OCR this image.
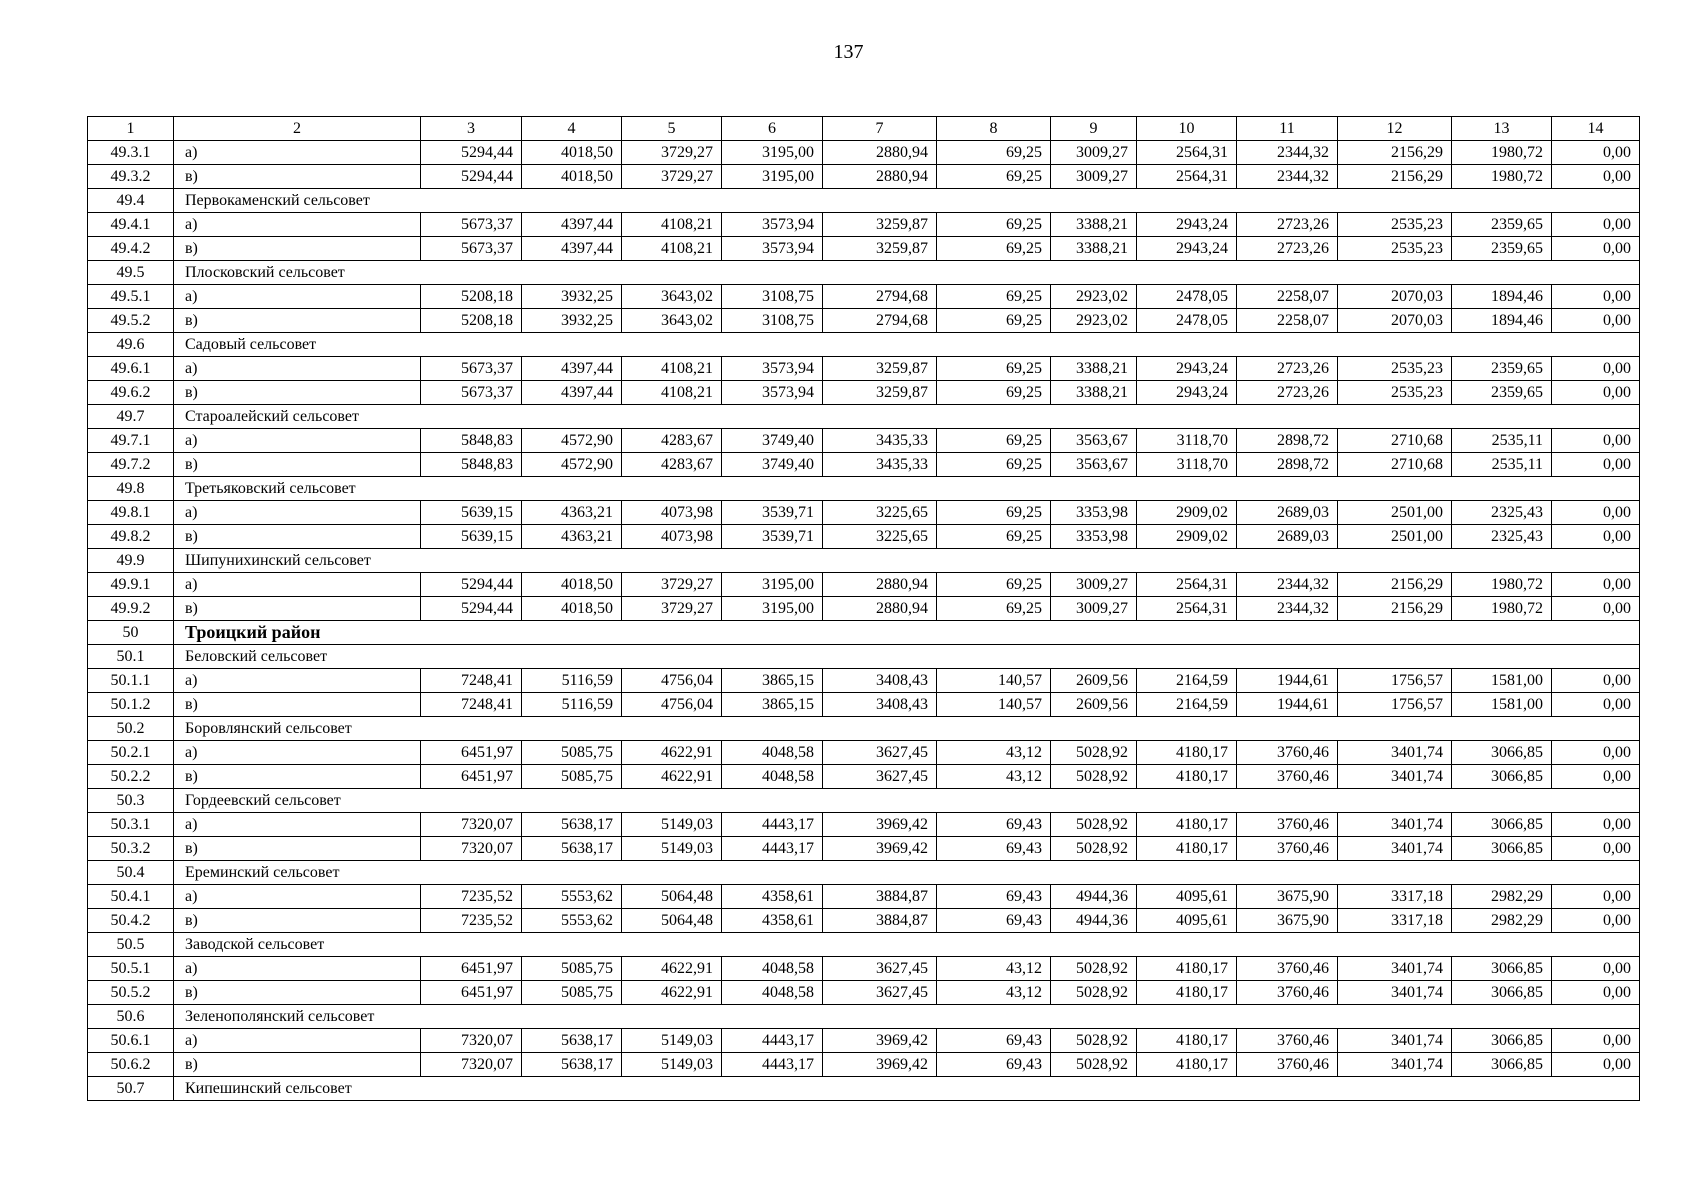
137
1	2	3	4	5	6	7	8	9	10	11	12	13	14
49.3.1	а)	5294,44	4018,50	3729,27	3195,00	2880,94	69,25	3009,27	2564,31	2344,32	2156,29	1980,72	0,00
49.3.2	в)	5294,44	4018,50	3729,27	3195,00	2880,94	69,25	3009,27	2564,31	2344,32	2156,29	1980,72	0,00
49.4	Первокаменский сельсовет												
49.4.1	а)	5673,37	4397,44	4108,21	3573,94	3259,87	69,25	3388,21	2943,24	2723,26	2535,23	2359,65	0,00
49.4.2	в)	5673,37	4397,44	4108,21	3573,94	3259,87	69,25	3388,21	2943,24	2723,26	2535,23	2359,65	0,00
49.5	Плосковский сельсовет												
49.5.1	а)	5208,18	3932,25	3643,02	3108,75	2794,68	69,25	2923,02	2478,05	2258,07	2070,03	1894,46	0,00
49.5.2	в)	5208,18	3932,25	3643,02	3108,75	2794,68	69,25	2923,02	2478,05	2258,07	2070,03	1894,46	0,00
49.6	Садовый сельсовет												
49.6.1	а)	5673,37	4397,44	4108,21	3573,94	3259,87	69,25	3388,21	2943,24	2723,26	2535,23	2359,65	0,00
49.6.2	в)	5673,37	4397,44	4108,21	3573,94	3259,87	69,25	3388,21	2943,24	2723,26	2535,23	2359,65	0,00
49.7	Староалейский сельсовет												
49.7.1	а)	5848,83	4572,90	4283,67	3749,40	3435,33	69,25	3563,67	3118,70	2898,72	2710,68	2535,11	0,00
49.7.2	в)	5848,83	4572,90	4283,67	3749,40	3435,33	69,25	3563,67	3118,70	2898,72	2710,68	2535,11	0,00
49.8	Третьяковский сельсовет												
49.8.1	а)	5639,15	4363,21	4073,98	3539,71	3225,65	69,25	3353,98	2909,02	2689,03	2501,00	2325,43	0,00
49.8.2	в)	5639,15	4363,21	4073,98	3539,71	3225,65	69,25	3353,98	2909,02	2689,03	2501,00	2325,43	0,00
49.9	Шипунихинский сельсовет												
49.9.1	а)	5294,44	4018,50	3729,27	3195,00	2880,94	69,25	3009,27	2564,31	2344,32	2156,29	1980,72	0,00
49.9.2	в)	5294,44	4018,50	3729,27	3195,00	2880,94	69,25	3009,27	2564,31	2344,32	2156,29	1980,72	0,00
50	Троицкий район												
50.1	Беловский сельсовет												
50.1.1	а)	7248,41	5116,59	4756,04	3865,15	3408,43	140,57	2609,56	2164,59	1944,61	1756,57	1581,00	0,00
50.1.2	в)	7248,41	5116,59	4756,04	3865,15	3408,43	140,57	2609,56	2164,59	1944,61	1756,57	1581,00	0,00
50.2	Боровлянский сельсовет												
50.2.1	а)	6451,97	5085,75	4622,91	4048,58	3627,45	43,12	5028,92	4180,17	3760,46	3401,74	3066,85	0,00
50.2.2	в)	6451,97	5085,75	4622,91	4048,58	3627,45	43,12	5028,92	4180,17	3760,46	3401,74	3066,85	0,00
50.3	Гордеевский сельсовет												
50.3.1	а)	7320,07	5638,17	5149,03	4443,17	3969,42	69,43	5028,92	4180,17	3760,46	3401,74	3066,85	0,00
50.3.2	в)	7320,07	5638,17	5149,03	4443,17	3969,42	69,43	5028,92	4180,17	3760,46	3401,74	3066,85	0,00
50.4	Ереминский сельсовет												
50.4.1	а)	7235,52	5553,62	5064,48	4358,61	3884,87	69,43	4944,36	4095,61	3675,90	3317,18	2982,29	0,00
50.4.2	в)	7235,52	5553,62	5064,48	4358,61	3884,87	69,43	4944,36	4095,61	3675,90	3317,18	2982,29	0,00
50.5	Заводской сельсовет												
50.5.1	а)	6451,97	5085,75	4622,91	4048,58	3627,45	43,12	5028,92	4180,17	3760,46	3401,74	3066,85	0,00
50.5.2	в)	6451,97	5085,75	4622,91	4048,58	3627,45	43,12	5028,92	4180,17	3760,46	3401,74	3066,85	0,00
50.6	Зеленополянский сельсовет												
50.6.1	а)	7320,07	5638,17	5149,03	4443,17	3969,42	69,43	5028,92	4180,17	3760,46	3401,74	3066,85	0,00
50.6.2	в)	7320,07	5638,17	5149,03	4443,17	3969,42	69,43	5028,92	4180,17	3760,46	3401,74	3066,85	0,00
50.7	Кипешинский сельсовет												
